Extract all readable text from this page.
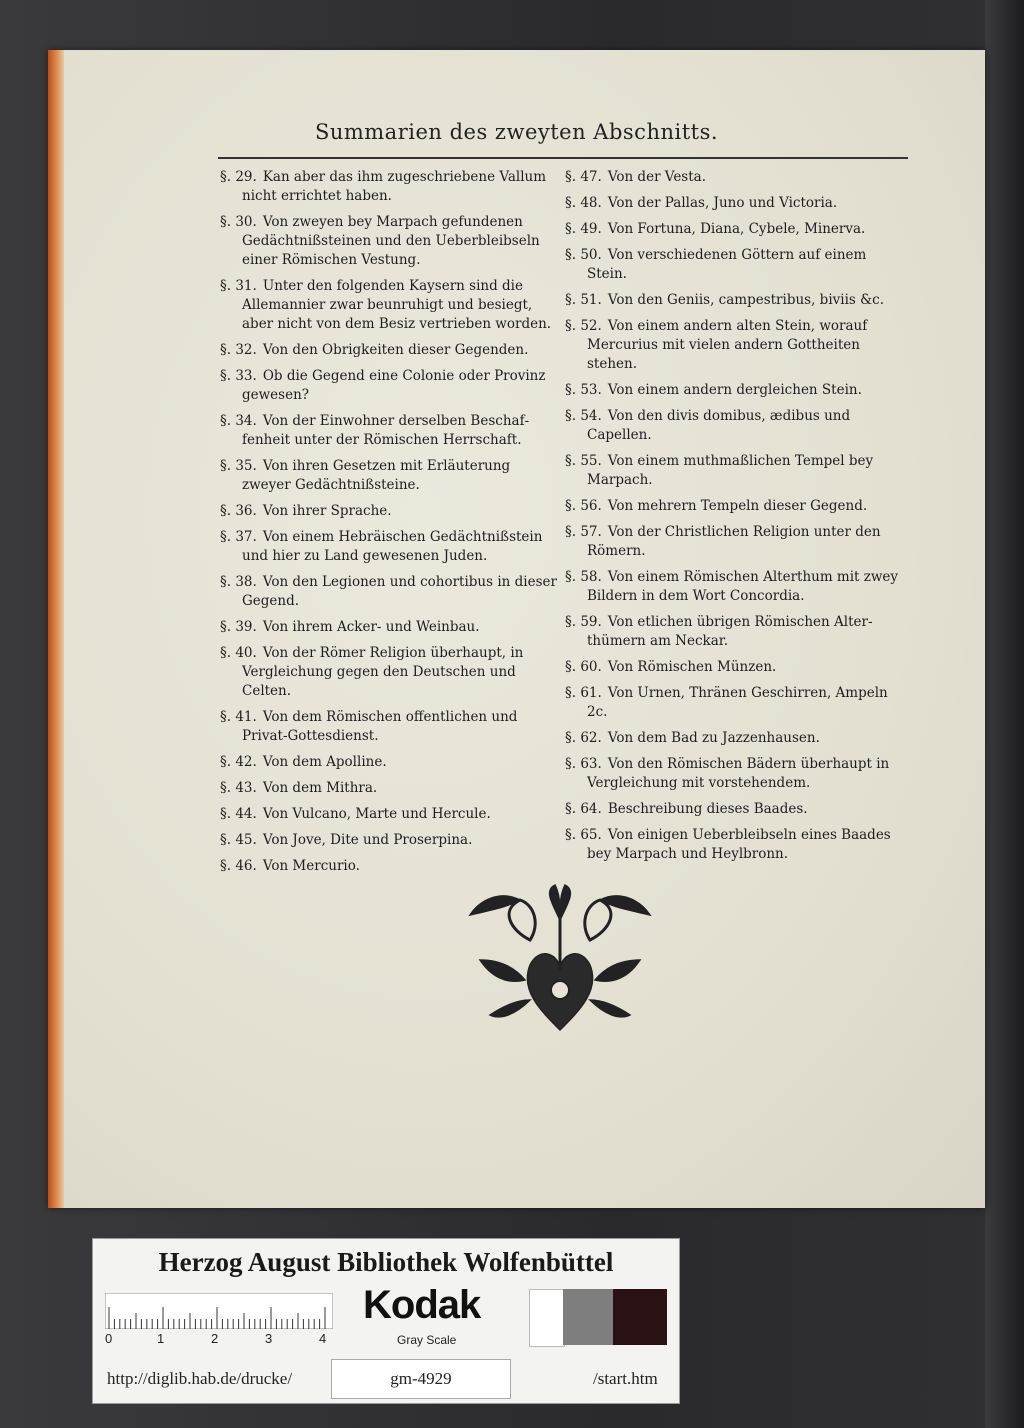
Summarien des zweyten Abschnitts.

§. 29. Kan aber das ihm zugeschriebene Vallum nicht errichtet haben.

§. 30. Von zweyen bey Marpach gefundenen Gedächtnißsteinen und den Ueberbleibseln einer Römischen Vestung.

§. 31. Unter den folgenden Kaysern sind die Allemannier zwar beunruhigt und besiegt, aber nicht von dem Besiz vertrieben worden.

§. 32. Von den Obrigkeiten dieser Gegenden.

§. 33. Ob die Gegend eine Colonie oder Provinz gewesen?

§. 34. Von der Einwohner derselben Beschaffenheit unter der Römischen Herrschaft.

§. 35. Von ihren Gesetzen mit Erläuterung zweyer Gedächtnißsteine.

§. 36. Von ihrer Sprache.

§. 37. Von einem Hebräischen Gedächtnißstein und hier zu Land gewesenen Juden.

§. 38. Von den Legionen und cohortibus in dieser Gegend.

§. 39. Von ihrem Acker- und Weinbau.

§. 40. Von der Römer Religion überhaupt, in Vergleichung gegen den Deutschen und Celten.

§. 41. Von dem Römischen offentlichen und Privat-Gottesdienst.

§. 42. Von dem Apolline.

§. 43. Von dem Mithra.

§. 44. Von Vulcano, Marte und Hercule.

§. 45. Von Jove, Dite und Proserpina.

§. 46. Von Mercurio.

§. 47. Von der Vesta.

§. 48. Von der Pallas, Juno und Victoria.

§. 49. Von Fortuna, Diana, Cybele, Minerva.

§. 50. Von verschiedenen Göttern auf einem Stein.

§. 51. Von den Geniis, campestribus, biviis &c.

§. 52. Von einem andern alten Stein, worauf Mercurius mit vielen andern Gottheiten stehen.

§. 53. Von einem andern dergleichen Stein.

§. 54. Von den divis domibus, ædibus und Capellen.

§. 55. Von einem muthmaßlichen Tempel bey Marpach.

§. 56. Von mehrern Tempeln dieser Gegend.

§. 57. Von der Christlichen Religion unter den Römern.

§. 58. Von einem Römischen Alterthum mit zwey Bildern in dem Wort Concordia.

§. 59. Von etlichen übrigen Römischen Alterthümern am Neckar.

§. 60. Von Römischen Münzen.

§. 61. Von Urnen, Thränen Geschirren, Ampeln 2c.

§. 62. Von dem Bad zu Jazzenhausen.

§. 63. Von den Römischen Bädern überhaupt in Vergleichung mit vorstehendem.

§. 64. Beschreibung dieses Baades.

§. 65. Von einigen Ueberbleibseln eines Baades bey Marpach und Heylbronn.

Herzog August Bibliothek Wolfenbüttel
0	1	2	3	4
Kodak
Gray Scale
http://diglib.hab.de/drucke/	gm-4929	/start.htm
